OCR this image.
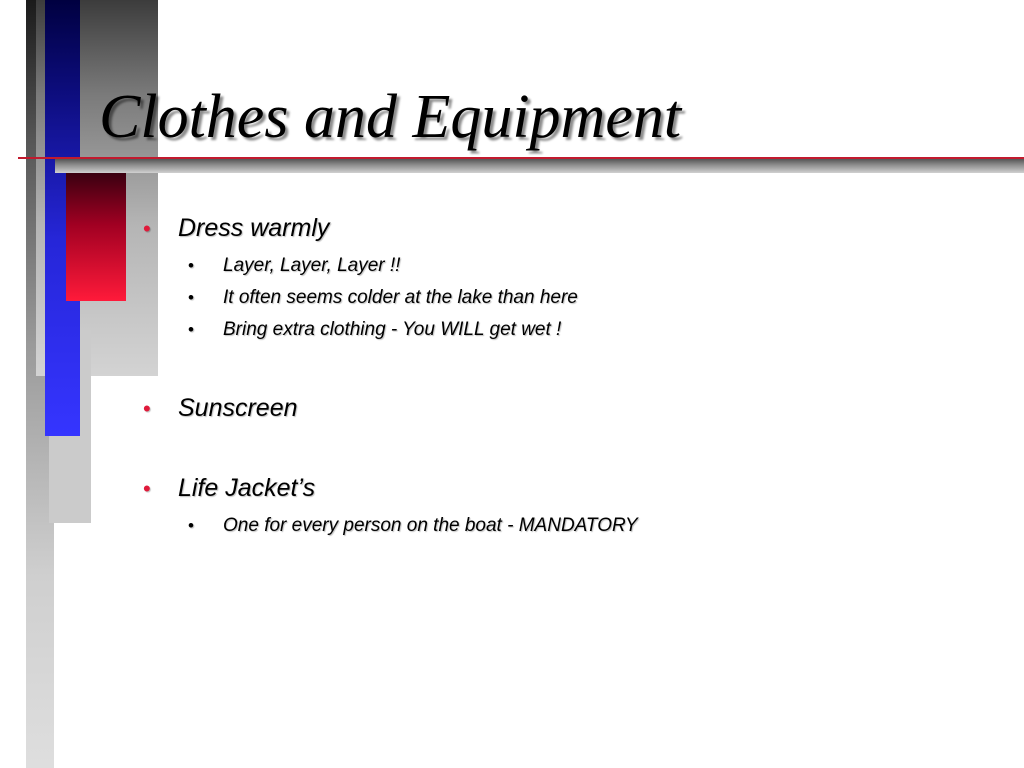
Clothes and Equipment
• Dress warmly
• Layer, Layer, Layer !!
• It often seems colder at the lake than here
• Bring extra clothing - You WILL get wet !
• Sunscreen
• Life Jacket’s
• One for every person on the boat - MANDATORY
